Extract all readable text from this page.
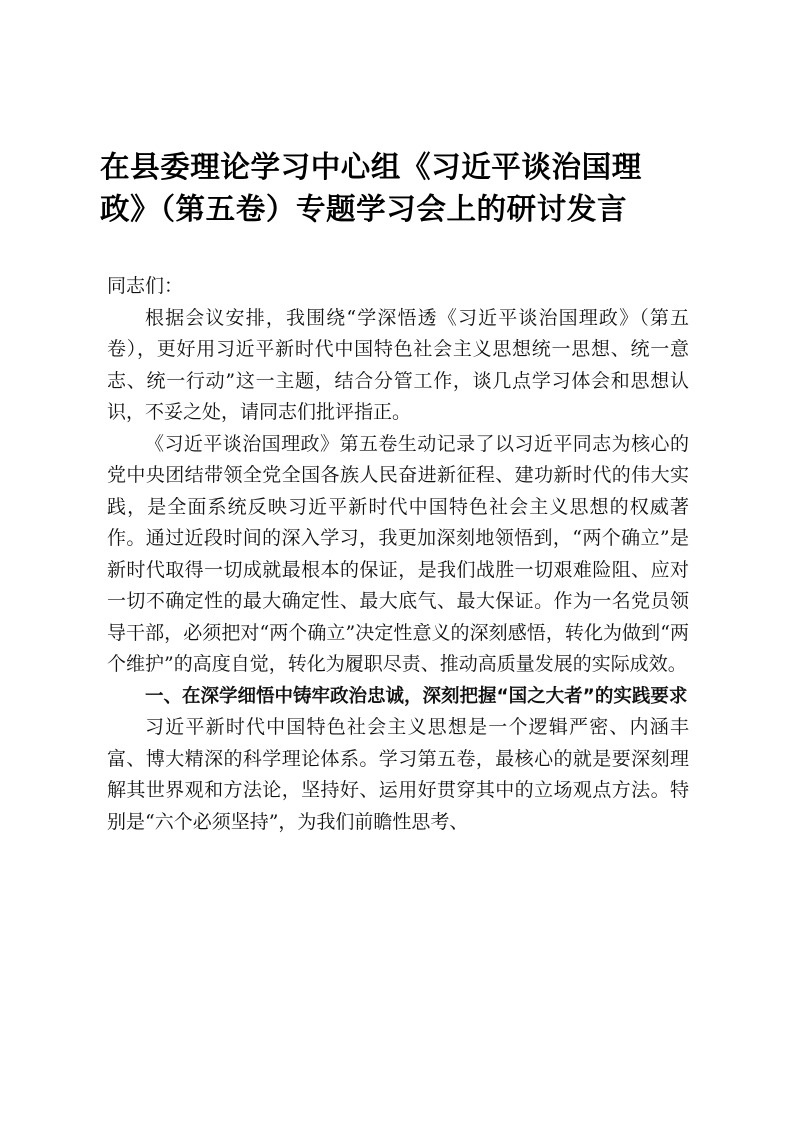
在县委理论学习中心组《习近平谈治国理
政》（第五卷）专题学习会上的研讨发言

同志们：

根据会议安排，我围绕“学深悟透《习近平谈治国理政》（第五卷），更好用习近平新时代中国特色社会主义思想统一思想、统一意志、统一行动”这一主题，结合分管工作，谈几点学习体会和思想认识，不妥之处，请同志们批评指正。

《习近平谈治国理政》第五卷生动记录了以习近平同志为核心的党中央团结带领全党全国各族人民奋进新征程、建功新时代的伟大实践，是全面系统反映习近平新时代中国特色社会主义思想的权威著作。通过近段时间的深入学习，我更加深刻地领悟到，“两个确立”是新时代取得一切成就最根本的保证，是我们战胜一切艰难险阻、应对一切不确定性的最大确定性、最大底气、最大保证。作为一名党员领导干部，必须把对“两个确立”决定性意义的深刻感悟，转化为做到“两个维护”的高度自觉，转化为履职尽责、推动高质量发展的实际成效。

一、在深学细悟中铸牢政治忠诚，深刻把握“国之大者”的实践要求

习近平新时代中国特色社会主义思想是一个逻辑严密、内涵丰富、博大精深的科学理论体系。学习第五卷，最核心的就是要深刻理解其世界观和方法论，坚持好、运用好贯穿其中的立场观点方法。特别是“六个必须坚持”，为我们前瞻性思考、
